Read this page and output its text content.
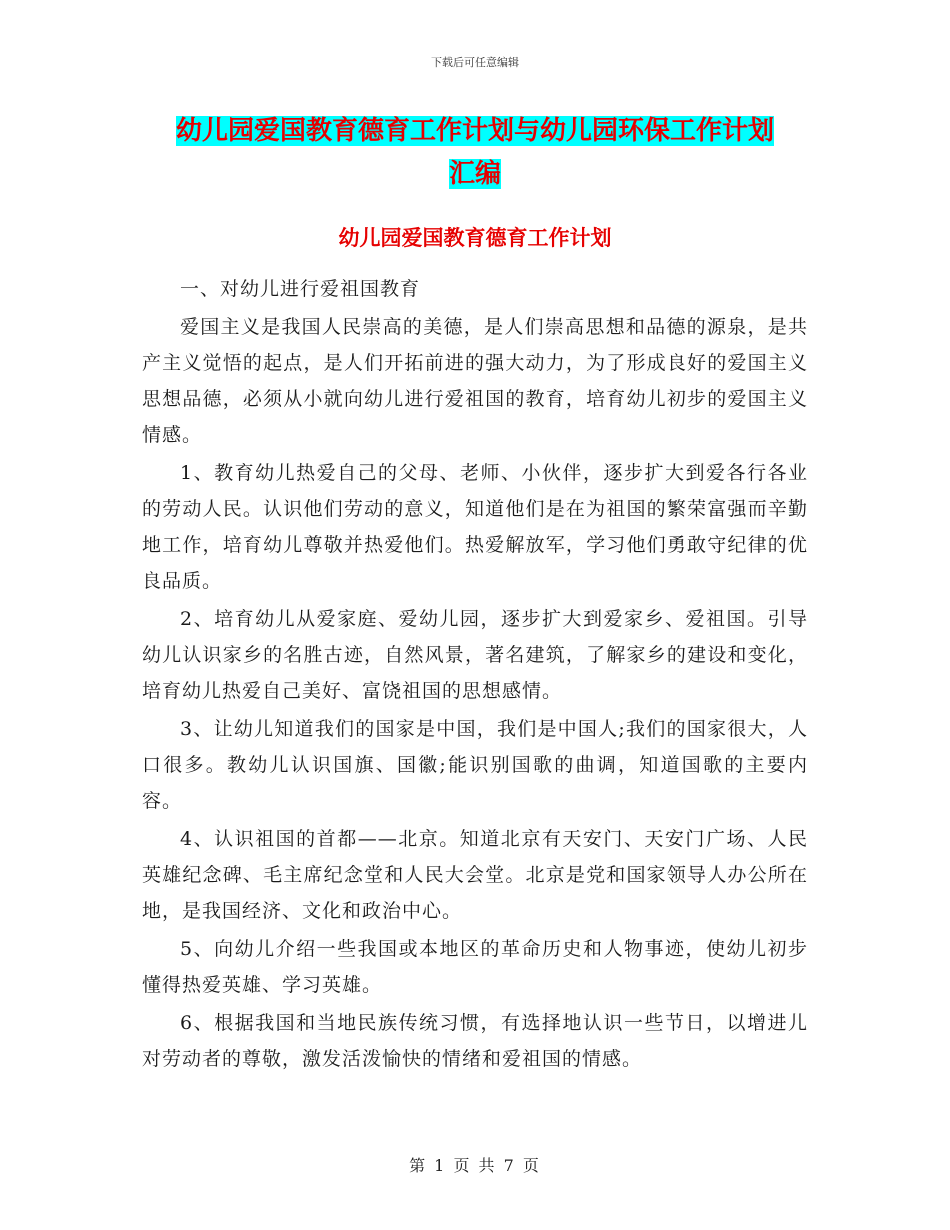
下载后可任意编辑
幼儿园爱国教育德育工作计划与幼儿园环保工作计划
汇编
幼儿园爱国教育德育工作计划

一、对幼儿进行爱祖国教育

爱国主义是我国人民崇高的美德，是人们崇高思想和品德的源泉，是共产主义觉悟的起点，是人们开拓前进的强大动力，为了形成良好的爱国主义思想品德，必须从小就向幼儿进行爱祖国的教育，培育幼儿初步的爱国主义情感。

1、教育幼儿热爱自己的父母、老师、小伙伴，逐步扩大到爱各行各业的劳动人民。认识他们劳动的意义，知道他们是在为祖国的繁荣富强而辛勤地工作，培育幼儿尊敬并热爱他们。热爱解放军，学习他们勇敢守纪律的优良品质。

2、培育幼儿从爱家庭、爱幼儿园，逐步扩大到爱家乡、爱祖国。引导幼儿认识家乡的名胜古迹，自然风景，著名建筑，了解家乡的建设和变化，培育幼儿热爱自己美好、富饶祖国的思想感情。

3、让幼儿知道我们的国家是中国，我们是中国人;我们的国家很大，人口很多。教幼儿认识国旗、国徽;能识别国歌的曲调，知道国歌的主要内容。

4、认识祖国的首都——北京。知道北京有天安门、天安门广场、人民英雄纪念碑、毛主席纪念堂和人民大会堂。北京是党和国家领导人办公所在地，是我国经济、文化和政治中心。

5、向幼儿介绍一些我国或本地区的革命历史和人物事迹，使幼儿初步懂得热爱英雄、学习英雄。

6、根据我国和当地民族传统习惯，有选择地认识一些节日，以增进儿对劳动者的尊敬，激发活泼愉快的情绪和爱祖国的情感。

第 1 页 共 7 页
